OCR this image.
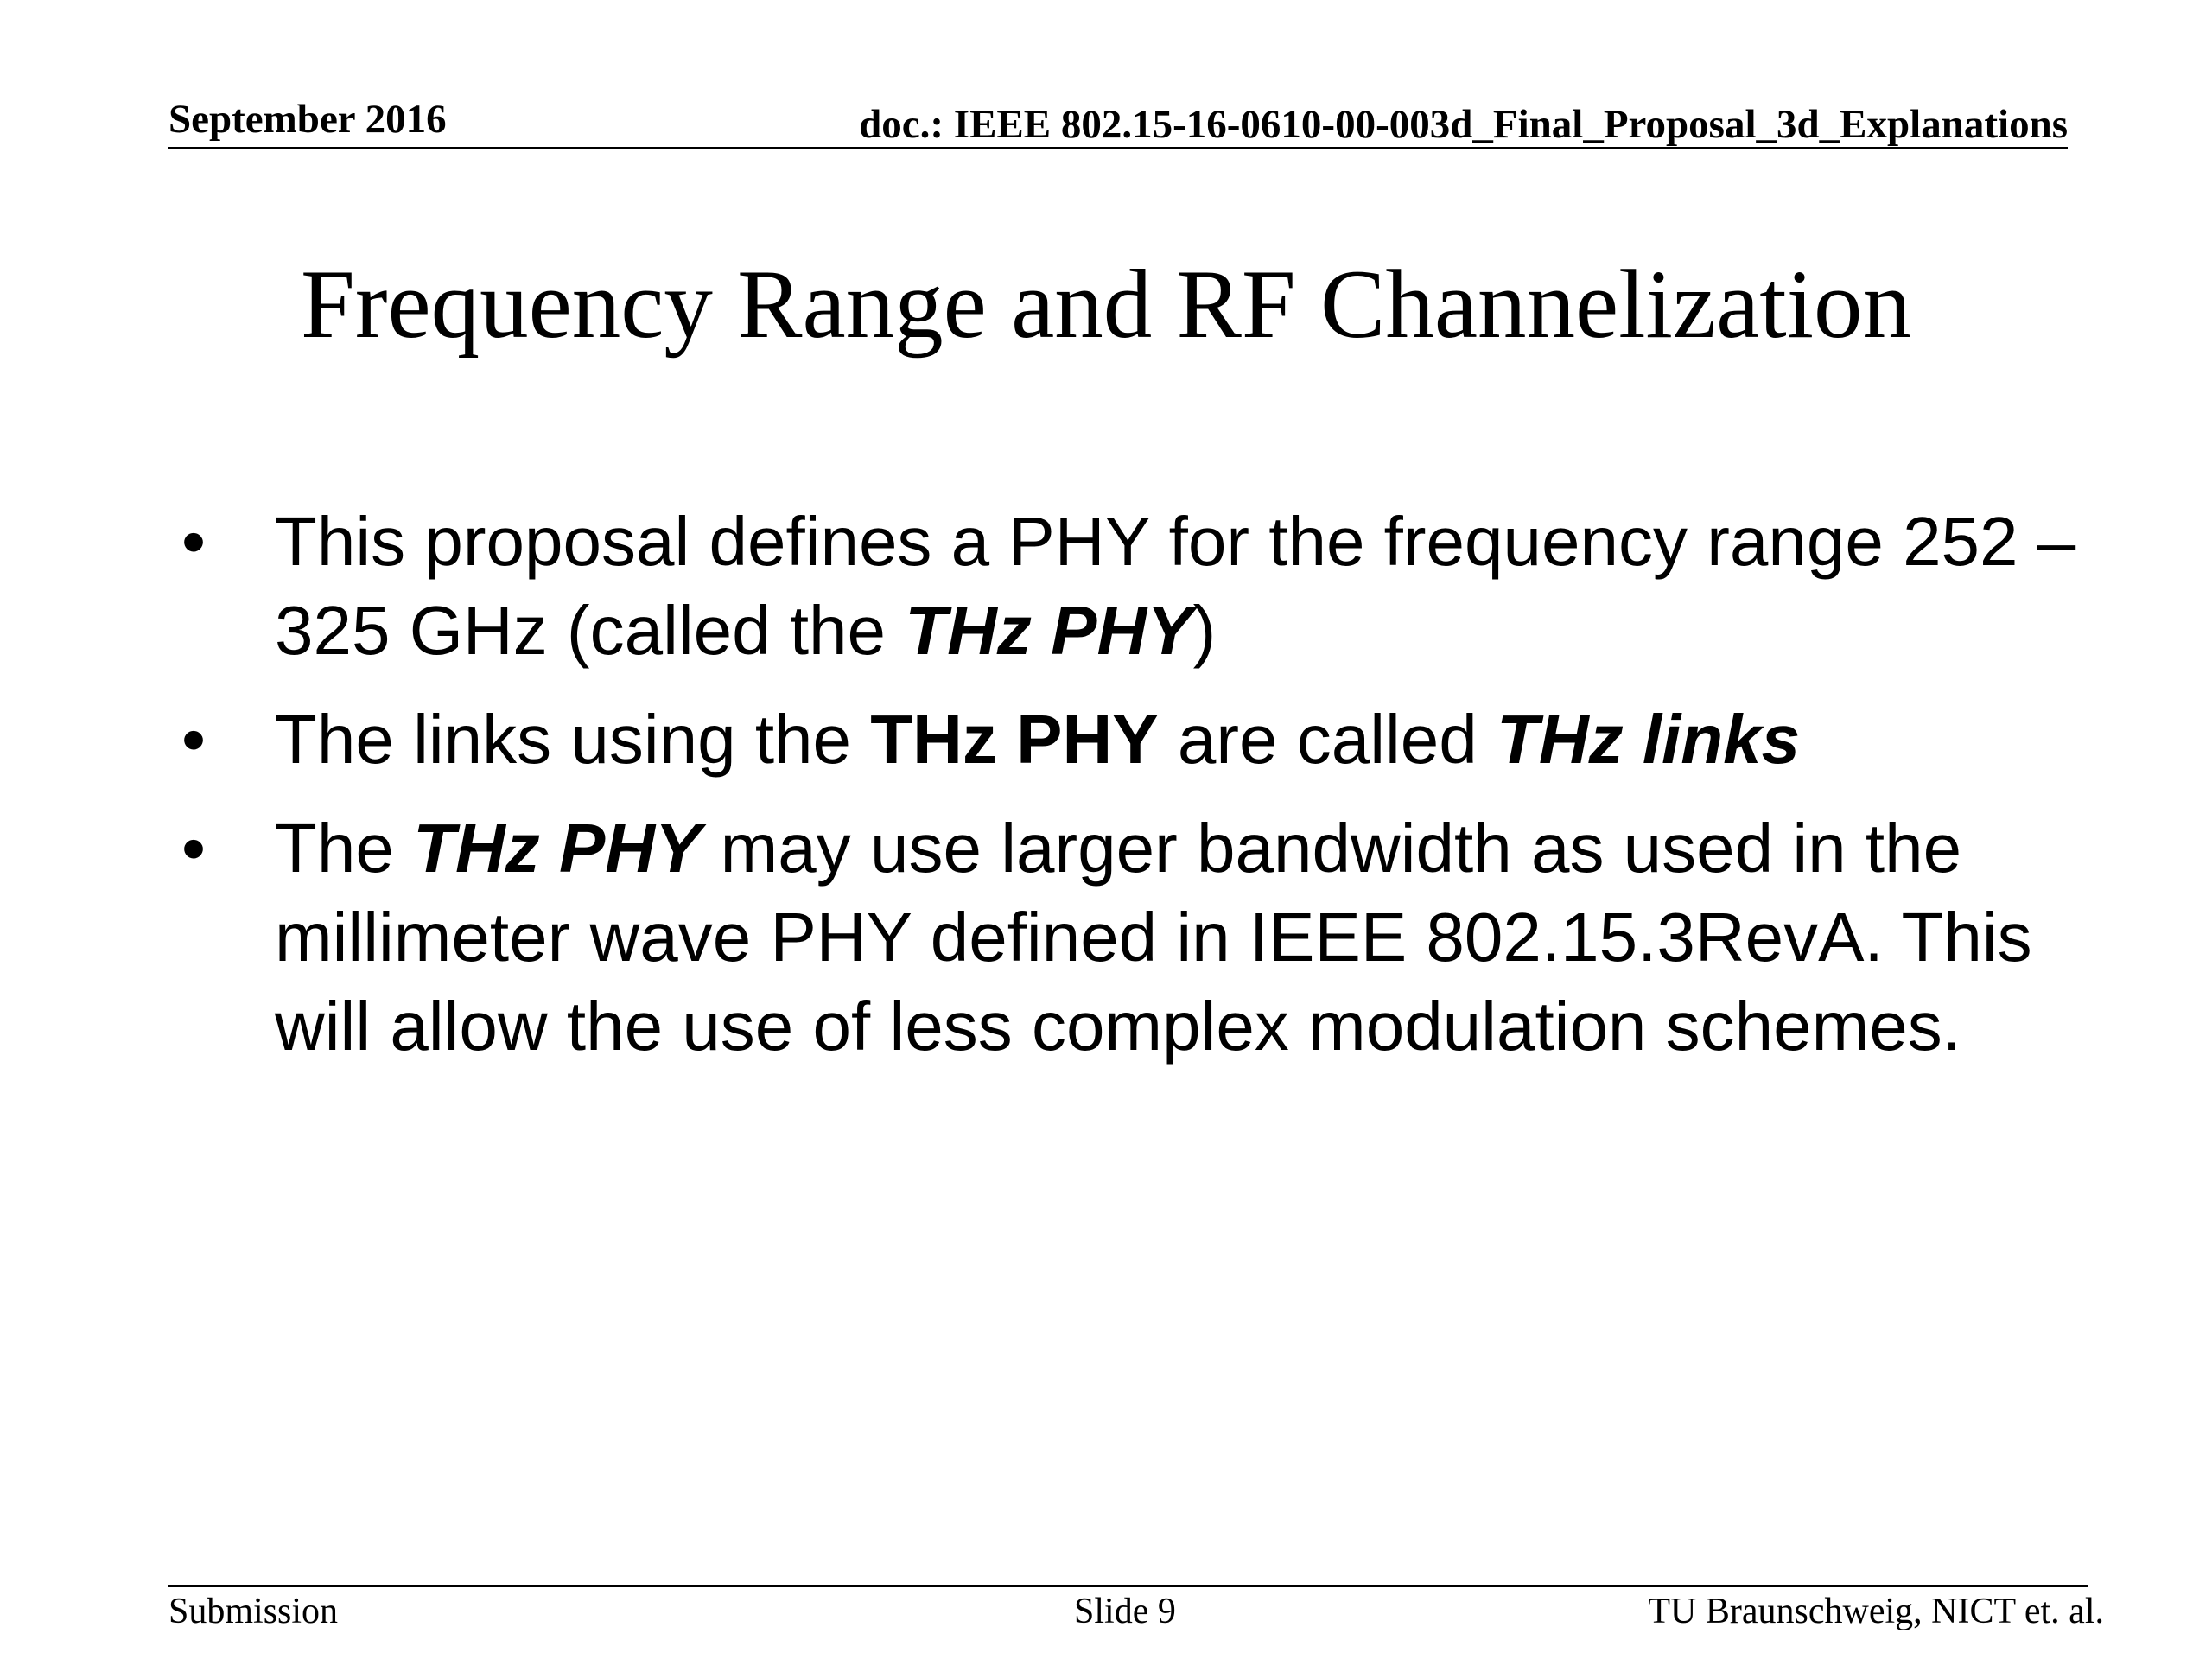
September 2016	doc.: IEEE 802.15-16-0610-00-003d_Final_Proposal_3d_Explanations
Frequency Range and RF Channelization
• This proposal defines a PHY for the frequency range 252 – 325 GHz (called the THz PHY)
• The links using the THz PHY are called THz links
• The THz PHY may use larger bandwidth as used in the millimeter wave PHY defined in IEEE 802.15.3RevA. This will allow the use of less complex modulation schemes.
Submission	Slide 9	TU Braunschweig, NICT et. al.
